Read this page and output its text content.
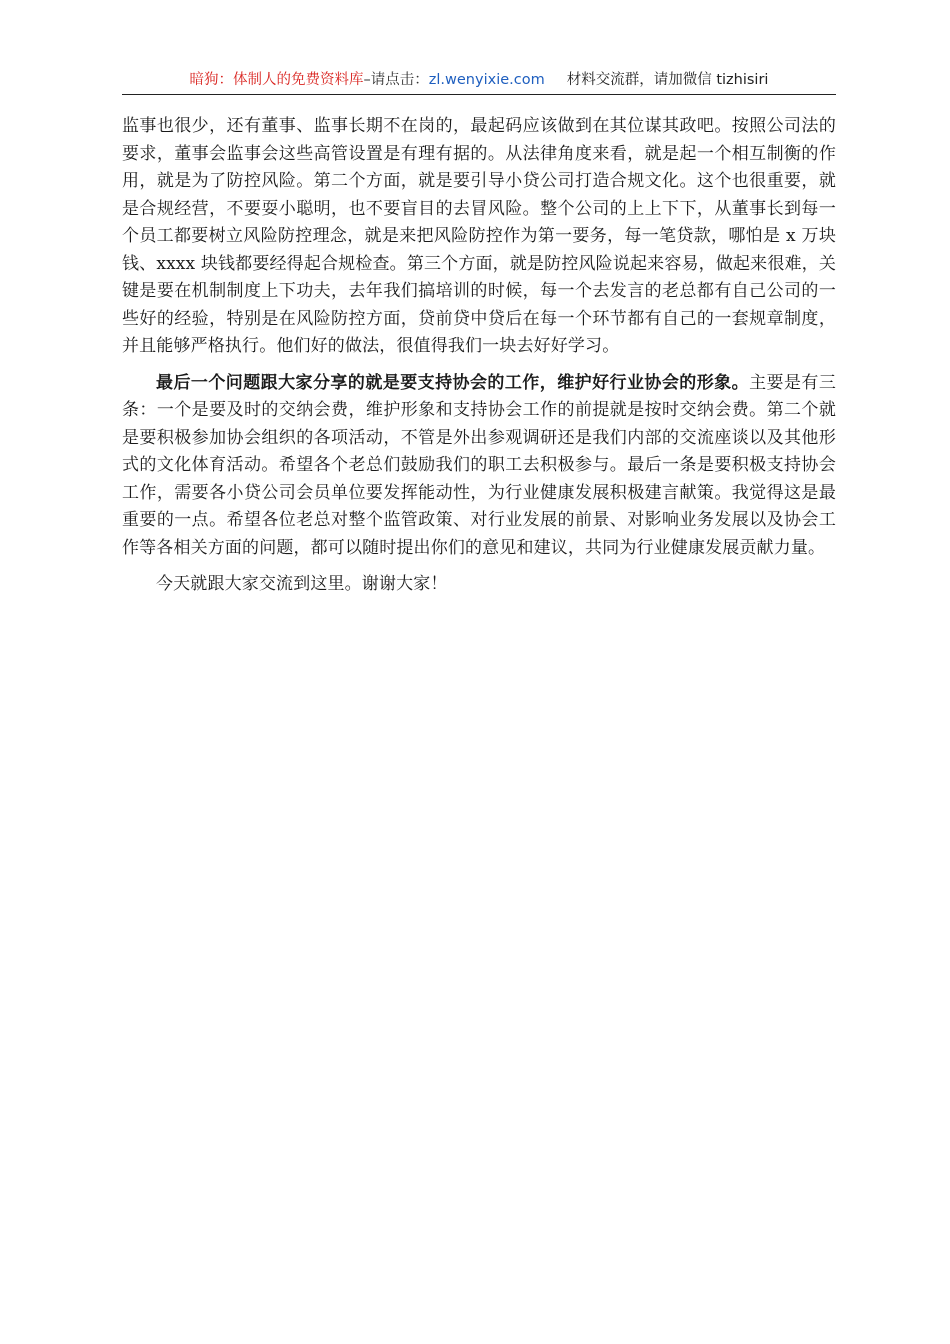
暗狗：体制人的免费资料库–请点击：zl.wenyixie.com 材料交流群，请加微信 tizhisiri

监事也很少，还有董事、监事长期不在岗的，最起码应该做到在其位谋其政吧。按照公司法的要求，董事会监事会这些高管设置是有理有据的。从法律角度来看，就是起一个相互制衡的作用，就是为了防控风险。第二个方面，就是要引导小贷公司打造合规文化。这个也很重要，就是合规经营，不要耍小聪明，也不要盲目的去冒风险。整个公司的上上下下，从董事长到每一个员工都要树立风险防控理念，就是来把风险防控作为第一要务，每一笔贷款，哪怕是 x 万块钱、xxxx 块钱都要经得起合规检查。第三个方面，就是防控风险说起来容易，做起来很难，关键是要在机制制度上下功夫，去年我们搞培训的时候，每一个去发言的老总都有自己公司的一些好的经验，特别是在风险防控方面，贷前贷中贷后在每一个环节都有自己的一套规章制度，并且能够严格执行。他们好的做法，很值得我们一块去好好学习。

最后一个问题跟大家分享的就是要支持协会的工作，维护好行业协会的形象。主要是有三条：一个是要及时的交纳会费，维护形象和支持协会工作的前提就是按时交纳会费。第二个就是要积极参加协会组织的各项活动，不管是外出参观调研还是我们内部的交流座谈以及其他形式的文化体育活动。希望各个老总们鼓励我们的职工去积极参与。最后一条是要积极支持协会工作，需要各小贷公司会员单位要发挥能动性，为行业健康发展积极建言献策。我觉得这是最重要的一点。希望各位老总对整个监管政策、对行业发展的前景、对影响业务发展以及协会工作等各相关方面的问题，都可以随时提出你们的意见和建议，共同为行业健康发展贡献力量。

今天就跟大家交流到这里。谢谢大家！
